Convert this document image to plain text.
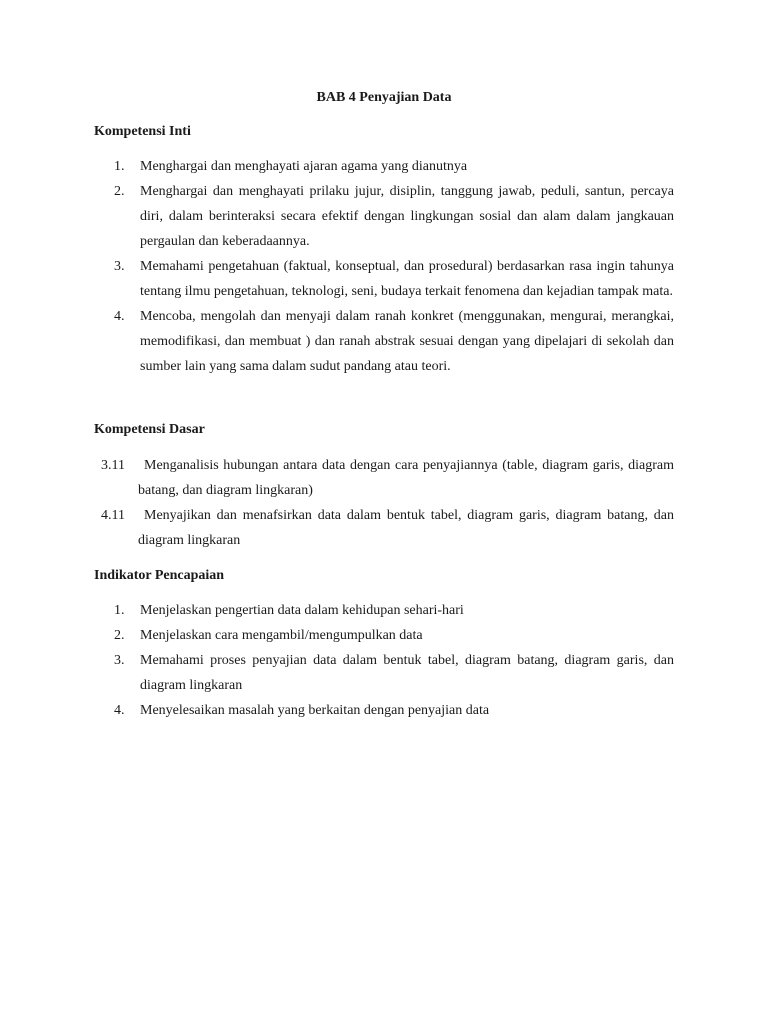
BAB 4 Penyajian Data
Kompetensi Inti
1.	Menghargai dan menghayati ajaran agama yang dianutnya
2.	Menghargai dan menghayati prilaku jujur, disiplin, tanggung jawab, peduli, santun, percaya diri, dalam berinteraksi secara efektif dengan lingkungan sosial dan alam dalam jangkauan pergaulan dan keberadaannya.
3.	Memahami pengetahuan (faktual, konseptual, dan prosedural) berdasarkan rasa ingin tahunya tentang ilmu pengetahuan, teknologi, seni, budaya terkait fenomena dan kejadian tampak mata.
4.	Mencoba, mengolah dan menyaji dalam ranah konkret (menggunakan, mengurai, merangkai, memodifikasi, dan membuat ) dan ranah abstrak sesuai dengan yang dipelajari di sekolah dan sumber lain yang sama dalam sudut pandang atau teori.
Kompetensi Dasar
3.11	Menganalisis hubungan antara data dengan cara penyajiannya (table, diagram garis, diagram batang, dan diagram lingkaran)
4.11	Menyajikan dan menafsirkan data dalam bentuk tabel, diagram garis, diagram batang, dan diagram lingkaran
Indikator Pencapaian
1.	Menjelaskan pengertian data dalam kehidupan sehari-hari
2.	Menjelaskan cara mengambil/mengumpulkan data
3.	Memahami proses penyajian data dalam bentuk tabel, diagram batang, diagram garis, dan diagram lingkaran
4.	Menyelesaikan masalah yang berkaitan dengan penyajian data
